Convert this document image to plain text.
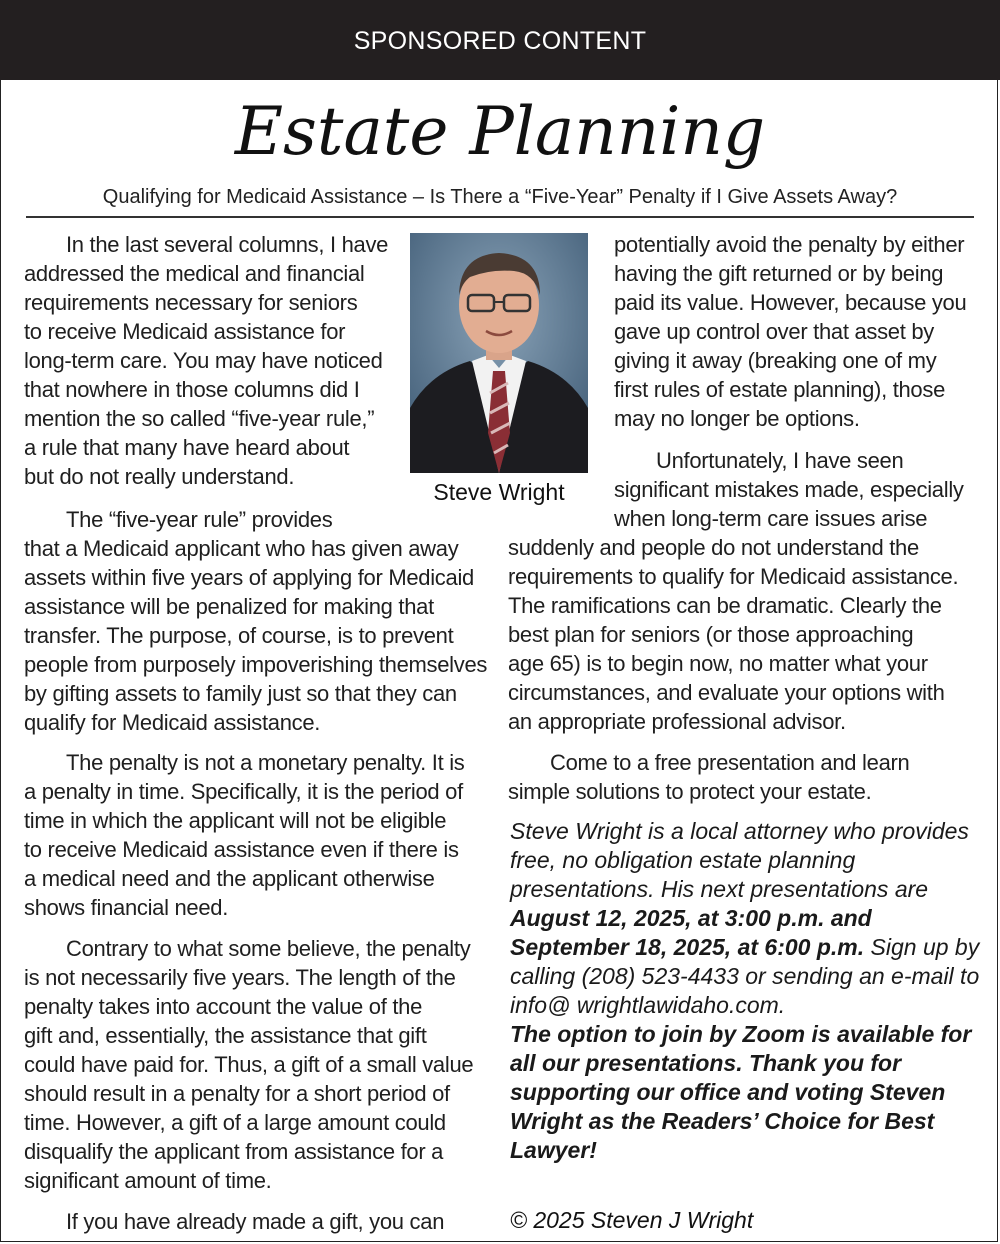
SPONSORED CONTENT
Estate Planning
Qualifying for Medicaid Assistance – Is There a “Five-Year” Penalty if I Give Assets Away?
In the last several columns, I have
addressed the medical and financial
requirements necessary for seniors
to receive Medicaid assistance for
long-term care. You may have noticed
that nowhere in those columns did I
mention the so called “five-year rule,”
a rule that many have heard about
but do not really understand.
The “five-year rule” provides
that a Medicaid applicant who has given away
assets within five years of applying for Medicaid
assistance will be penalized for making that
transfer. The purpose, of course, is to prevent
people from purposely impoverishing themselves
by gifting assets to family just so that they can
qualify for Medicaid assistance.
The penalty is not a monetary penalty. It is
a penalty in time. Specifically, it is the period of
time in which the applicant will not be eligible
to receive Medicaid assistance even if there is
a medical need and the applicant otherwise
shows financial need.
Contrary to what some believe, the penalty
is not necessarily five years. The length of the
penalty takes into account the value of the
gift and, essentially, the assistance that gift
could have paid for. Thus, a gift of a small value
should result in a penalty for a short period of
time. However, a gift of a large amount could
disqualify the applicant from assistance for a
significant amount of time.
If you have already made a gift, you can
Steve Wright
potentially avoid the penalty by either
having the gift returned or by being
paid its value. However, because you
gave up control over that asset by
giving it away (breaking one of my
first rules of estate planning), those
may no longer be options.
Unfortunately, I have seen
significant mistakes made, especially
when long-term care issues arise
suddenly and people do not understand the
requirements to qualify for Medicaid assistance.
The ramifications can be dramatic. Clearly the
best plan for seniors (or those approaching
age 65) is to begin now, no matter what your
circumstances, and evaluate your options with
an appropriate professional advisor.
Come to a free presentation and learn
simple solutions to protect your estate.
Steve Wright is a local attorney who provides free, no obligation estate planning presentations. His next presentations are August 12, 2025, at 3:00 p.m. and September 18, 2025, at 6:00 p.m. Sign up by calling (208) 523-4433 or sending an e-mail to info@ wrightlawidaho.com.
The option to join by Zoom is available for all our presentations. Thank you for supporting our office and voting Steven Wright as the Readers’ Choice for Best Lawyer!
© 2025 Steven J Wright
